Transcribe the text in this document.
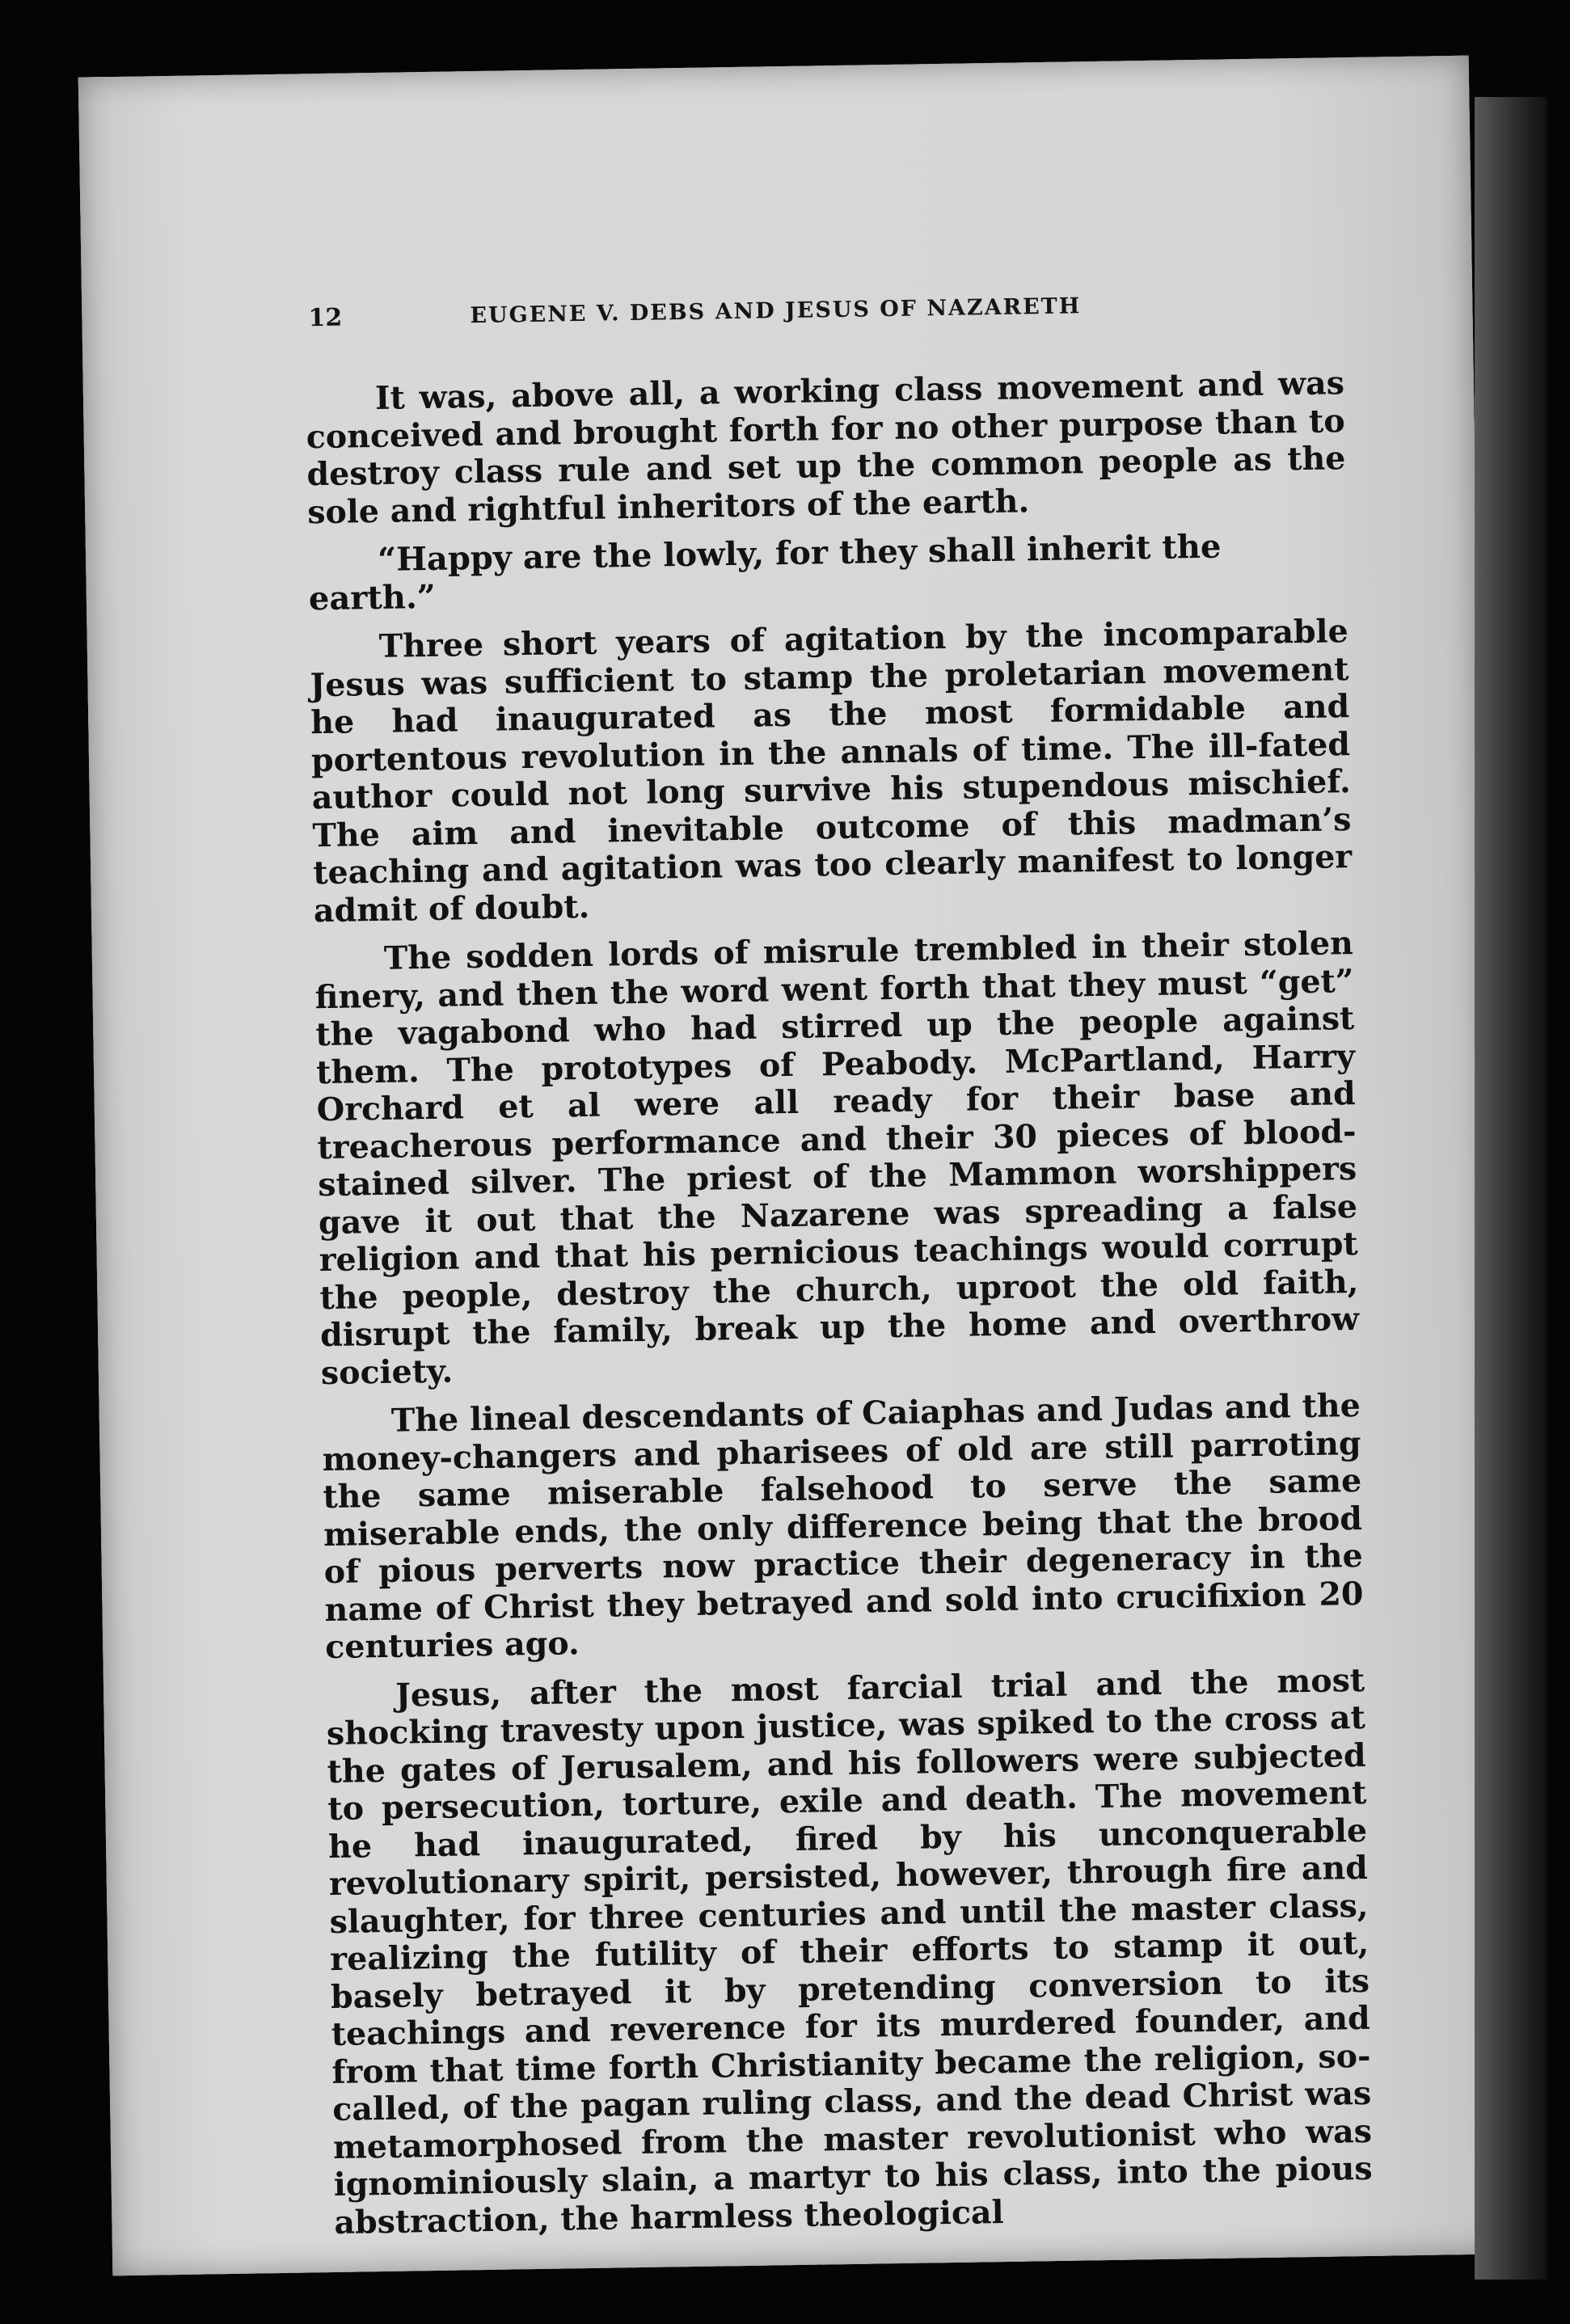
12	EUGENE V. DEBS AND JESUS OF NAZARETH

It was, above all, a working class movement and was conceived and brought forth for no other purpose than to destroy class rule and set up the common people as the sole and rightful inheritors of the earth.

“Happy are the lowly, for they shall inherit the earth.”

Three short years of agitation by the incomparable Jesus was sufficient to stamp the proletarian movement he had inaugurated as the most formidable and portentous revolution in the annals of time. The ill-fated author could not long survive his stupendous mischief. The aim and inevitable outcome of this madman’s teaching and agitation was too clearly manifest to longer admit of doubt.

The sodden lords of misrule trembled in their stolen finery, and then the word went forth that they must “get” the vagabond who had stirred up the people against them. The prototypes of Peabody. McPartland, Harry Orchard et al were all ready for their base and treacherous performance and their 30 pieces of blood-stained silver. The priest of the Mammon worshippers gave it out that the Nazarene was spreading a false religion and that his pernicious teachings would corrupt the people, destroy the church, uproot the old faith, disrupt the family, break up the home and overthrow society.

The lineal descendants of Caiaphas and Judas and the money-changers and pharisees of old are still parroting the same miserable falsehood to serve the same miserable ends, the only difference being that the brood of pious perverts now practice their degeneracy in the name of Christ they betrayed and sold into crucifixion 20 centuries ago.

Jesus, after the most farcial trial and the most shocking travesty upon justice, was spiked to the cross at the gates of Jerusalem, and his followers were subjected to persecution, torture, exile and death. The movement he had inaugurated, fired by his unconquerable revolutionary spirit, persisted, however, through fire and slaughter, for three centuries and until the master class, realizing the futility of their efforts to stamp it out, basely betrayed it by pretending conversion to its teachings and reverence for its murdered founder, and from that time forth Christianity became the religion, so-called, of the pagan ruling class, and the dead Christ was metamorphosed from the master revolutionist who was ignominiously slain, a martyr to his class, into the pious abstraction, the harmless theological
